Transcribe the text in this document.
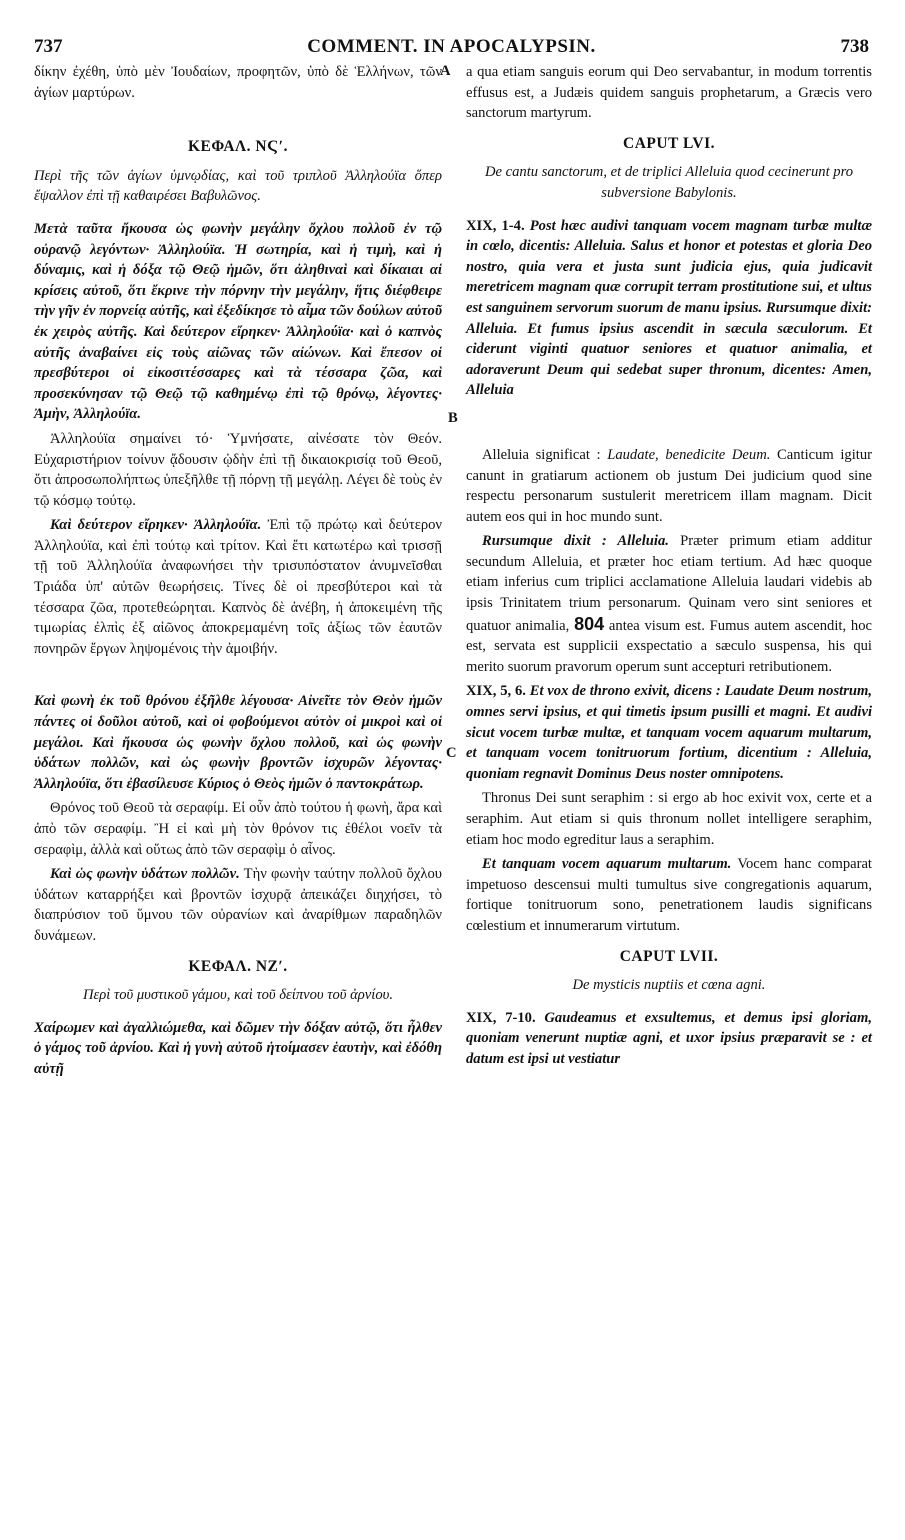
737	COMMENT. IN APOCALYPSIN.	738
A
B
C

δίκην ἐχέθη, ὑπὸ μὲν Ἰουδαίων, προφητῶν, ὑπὸ δὲ Ἑλλήνων, τῶν ἁγίων μαρτύρων.

ΚΕΦΑΛ. ΝϚʹ.

Περὶ τῆς τῶν ἁγίων ὑμνῳδίας, καὶ τοῦ τριπλοῦ Ἀλληλούϊα ὅπερ ἔψαλλον ἐπὶ τῇ καθαιρέσει Βαβυλῶνος.

Μετὰ ταῦτα ἤκουσα ὡς φωνὴν μεγάλην ὄχλου πολλοῦ ἐν τῷ οὐρανῷ λεγόντων· Ἀλληλούϊα. Ἡ σωτηρία, καὶ ἡ τιμὴ, καὶ ἡ δύναμις, καὶ ἡ δόξα τῷ Θεῷ ἡμῶν, ὅτι ἀληθιναὶ καὶ δίκαιαι αἱ κρίσεις αὐτοῦ, ὅτι ἔκρινε τὴν πόρνην τὴν μεγάλην, ἥτις διέφθειρε τὴν γῆν ἐν πορνείᾳ αὐτῆς, καὶ ἐξεδίκησε τὸ αἷμα τῶν δούλων αὐτοῦ ἐκ χειρὸς αὐτῆς. Καὶ δεύτερον εἴρηκεν· Ἀλληλούϊα· καὶ ὁ καπνὸς αὐτῆς ἀναβαίνει εἰς τοὺς αἰῶνας τῶν αἰώνων. Καὶ ἔπεσον οἱ πρεσβύτεροι οἱ εἰκοσιτέσσαρες καὶ τὰ τέσσαρα ζῶα, καὶ προσεκύνησαν τῷ Θεῷ τῷ καθημένῳ ἐπὶ τῷ θρόνῳ, λέγοντες· Ἀμὴν, Ἀλληλούϊα.

Ἀλληλούϊα σημαίνει τό· Ὑμνήσατε, αἰνέσατε τὸν Θεόν. Εὐχαριστήριον τοίνυν ᾄδουσιν ᾠδὴν ἐπὶ τῇ δικαιοκρισίᾳ τοῦ Θεοῦ, ὅτι ἀπροσωπολήπτως ὑπεξῆλθε τῇ πόρνῃ τῇ μεγάλῃ. Λέγει δὲ τοὺς ἐν τῷ κόσμῳ τούτῳ.

Καὶ δεύτερον εἴρηκεν· Ἀλληλούϊα. Ἐπὶ τῷ πρώτῳ καὶ δεύτερον Ἀλληλούϊα, καὶ ἐπὶ τούτῳ καὶ τρίτον. Καὶ ἔτι κατωτέρω καὶ τρισσῇ τῇ τοῦ Ἀλληλούϊα ἀναφωνήσει τὴν τρισυπόστατον ἀνυμνεῖσθαι Τριάδα ὑπ' αὐτῶν θεωρήσεις. Τίνες δὲ οἱ πρεσβύτεροι καὶ τὰ τέσσαρα ζῶα, προτεθεώρηται. Καπνὸς δὲ ἀνέβη, ἡ ἀποκειμένη τῆς τιμωρίας ἐλπὶς ἐξ αἰῶνος ἀποκρεμαμένη τοῖς ἀξίως τῶν ἑαυτῶν πονηρῶν ἔργων ληψομένοις τὴν ἀμοιβήν.

Καὶ φωνὴ ἐκ τοῦ θρόνου ἐξῆλθε λέγουσα· Αἰνεῖτε τὸν Θεὸν ἡμῶν πάντες οἱ δοῦλοι αὐτοῦ, καὶ οἱ φοβούμενοι αὐτὸν οἱ μικροὶ καὶ οἱ μεγάλοι. Καὶ ἤκουσα ὡς φωνὴν ὄχλου πολλοῦ, καὶ ὡς φωνὴν ὑδάτων πολλῶν, καὶ ὡς φωνὴν βροντῶν ἰσχυρῶν λέγοντας· Ἀλληλούϊα, ὅτι ἐβασίλευσε Κύριος ὁ Θεὸς ἡμῶν ὁ παντοκράτωρ.

Θρόνος τοῦ Θεοῦ τὰ σεραφίμ. Εἰ οὖν ἀπὸ τούτου ἡ φωνὴ, ἄρα καὶ ἀπὸ τῶν σεραφίμ. Ἢ εἰ καὶ μὴ τὸν θρόνον τις ἐθέλοι νοεῖν τὰ σεραφὶμ, ἀλλὰ καὶ οὕτως ἀπὸ τῶν σεραφὶμ ὁ αἶνος.

Καὶ ὡς φωνὴν ὑδάτων πολλῶν. Τὴν φωνὴν ταύτην πολλοῦ ὄχλου ὑδάτων καταρρήξει καὶ βροντῶν ἰσχυρᾷ ἀπεικάζει διηχήσει, τὸ διαπρύσιον τοῦ ὕμνου τῶν οὐρανίων καὶ ἀναρίθμων παραδηλῶν δυνάμεων.

ΚΕΦΑΛ. ΝΖʹ.

Περὶ τοῦ μυστικοῦ γάμου, καὶ τοῦ δείπνου τοῦ ἀρνίου.

Χαίρωμεν καὶ ἀγαλλιώμεθα, καὶ δῶμεν τὴν δόξαν αὐτῷ, ὅτι ἦλθεν ὁ γάμος τοῦ ἀρνίου. Καὶ ἡ γυνὴ αὐτοῦ ἡτοίμασεν ἑαυτὴν, καὶ ἐδόθη αὐτῇ

a qua etiam sanguis eorum qui Deo servabantur, in modum torrentis effusus est, a Judæis quidem sanguis prophetarum, a Græcis vero sanctorum martyrum.

CAPUT LVI.

De cantu sanctorum, et de triplici Alleluia quod cecinerunt pro subversione Babylonis.

XIX, 1-4. Post hæc audivi tanquam vocem magnam turbæ multæ in cœlo, dicentis: Alleluia. Salus et honor et potestas et gloria Deo nostro, quia vera et justa sunt judicia ejus, quia judicavit meretricem magnam quæ corrupit terram prostitutione sui, et ultus est sanguinem servorum suorum de manu ipsius. Rursumque dixit: Alleluia. Et fumus ipsius ascendit in sæcula sæculorum. Et ciderunt viginti quatuor seniores et quatuor animalia, et adoraverunt Deum qui sedebat super thronum, dicentes: Amen, Alleluia

Alleluia significat : Laudate, benedicite Deum. Canticum igitur canunt in gratiarum actionem ob justum Dei judicium quod sine respectu personarum sustulerit meretricem illam magnam. Dicit autem eos qui in hoc mundo sunt.

Rursumque dixit : Alleluia. Præter primum etiam additur secundum Alleluia, et præter hoc etiam tertium. Ad hæc quoque etiam inferius cum triplici acclamatione Alleluia laudari videbis ab ipsis Trinitatem trium personarum. Quinam vero sint seniores et quatuor animalia, 804 antea visum est. Fumus autem ascendit, hoc est, servata est supplicii exspectatio a sæculo suspensa, his qui merito suorum pravorum operum sunt accepturi retributionem.

XIX, 5, 6. Et vox de throno exivit, dicens : Laudate Deum nostrum, omnes servi ipsius, et qui timetis ipsum pusilli et magni. Et audivi sicut vocem turbæ multæ, et tanquam vocem aquarum multarum, et tanquam vocem tonitruorum fortium, dicentium : Alleluia, quoniam regnavit Dominus Deus noster omnipotens.

Thronus Dei sunt seraphim : si ergo ab hoc exivit vox, certe et a seraphim. Aut etiam si quis thronum nollet intelligere seraphim, etiam hoc modo egreditur laus a seraphim.

Et tanquam vocem aquarum multarum. Vocem hanc comparat impetuoso descensui multi tumultus sive congregationis aquarum, fortique tonitruorum sono, penetrationem laudis significans cœlestium et innumerarum virtutum.

CAPUT LVII.

De mysticis nuptiis et cœna agni.

XIX, 7-10. Gaudeamus et exsultemus, et demus ipsi gloriam, quoniam venerunt nuptiæ agni, et uxor ipsius præparavit se : et datum est ipsi ut vestiatur
